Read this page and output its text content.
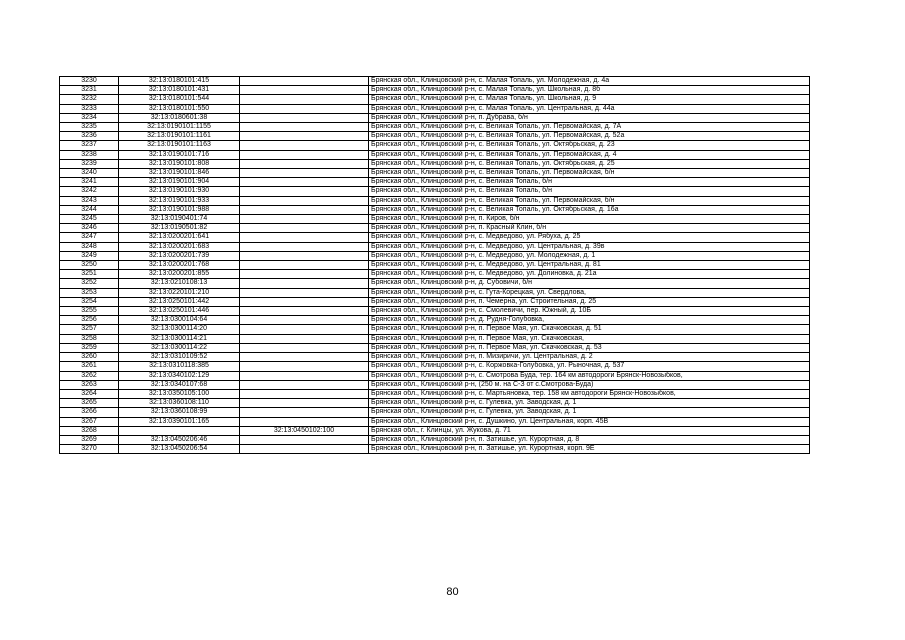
3230	32:13:0180101:415		Брянская обл., Клинцовский р-н, с. Малая Топаль, ул. Молодежная, д. 4а
3231	32:13:0180101:431		Брянская обл., Клинцовский р-н, с. Малая Топаль, ул. Школьная, д. 8б
3232	32:13:0180101:544		Брянская обл., Клинцовский р-н, с. Малая Топаль, ул. Школьная, д. 9
3233	32:13:0180101:550		Брянская обл., Клинцовский р-н, с. Малая Топаль, ул. Центральная, д. 44а
3234	32:13:0180601:38		Брянская обл., Клинцовский р-н, п. Дубрава, б/н
3235	32:13:0190101:1155		Брянская обл., Клинцовский р-н, с. Великая Топаль, ул. Первомайская, д. 7А
3236	32:13:0190101:1161		Брянская обл., Клинцовский р-н, с. Великая Топаль, ул. Первомайская, д. 52а
3237	32:13:0190101:1163		Брянская обл., Клинцовский р-н, с. Великая Топаль, ул. Октябрьская, д. 23
3238	32:13:0190101:716		Брянская обл., Клинцовский р-н, с. Великая Топаль, ул. Первомайская, д. 4
3239	32:13:0190101:808		Брянская обл., Клинцовский р-н, с. Великая Топаль, ул. Октябрьская, д. 25
3240	32:13:0190101:846		Брянская обл., Клинцовский р-н, с. Великая Топаль, ул. Первомайская, б/н
3241	32:13:0190101:904		Брянская обл., Клинцовский р-н, с. Великая Топаль, б/н
3242	32:13:0190101:930		Брянская обл., Клинцовский р-н, с. Великая Топаль, б/н
3243	32:13:0190101:933		Брянская обл., Клинцовский р-н, с. Великая Топаль, ул. Первомайская, б/н
3244	32:13:0190101:988		Брянская обл., Клинцовский р-н, с. Великая Топаль, ул. Октябрьская, д. 16а
3245	32:13:0190401:74		Брянская обл., Клинцовский р-н, п. Киров, б/н
3246	32:13:0190501:82		Брянская обл., Клинцовский р-н, п. Красный Клин, б/н
3247	32:13:0200201:641		Брянская обл., Клинцовский р-н, с. Медведово, ул. Рябуха, д. 25
3248	32:13:0200201:683		Брянская обл., Клинцовский р-н, с. Медведово, ул. Центральная, д. 39в
3249	32:13:0200201:739		Брянская обл., Клинцовский р-н, с. Медведово, ул. Молодежная, д. 1
3250	32:13:0200201:768		Брянская обл., Клинцовский р-н, с. Медведово, ул. Центральная, д. 81
3251	32:13:0200201:855		Брянская обл., Клинцовский р-н, с. Медведово, ул. Долиновка, д. 21а
3252	32:13:0210108:13		Брянская обл., Клинцовский р-н, д. Субовичи, б/н
3253	32:13:0220101:210		Брянская обл., Клинцовский р-н, с. Гута-Корецкая, ул. Свердлова,
3254	32:13:0250101:442		Брянская обл., Клинцовский р-н, п. Чемерна, ул. Строительная, д. 25
3255	32:13:0250101:446		Брянская обл., Клинцовский р-н, с. Смолевичи, пер. Южный, д. 10Б
3256	32:13:0300104:64		Брянская обл., Клинцовский р-н, д. Рудня-Голубовка,
3257	32:13:0300114:20		Брянская обл., Клинцовский р-н, п. Первое Мая, ул. Скачковская, д. 51
3258	32:13:0300114:21		Брянская обл., Клинцовский р-н, п. Первое Мая, ул. Скачковская,
3259	32:13:0300114:22		Брянская обл., Клинцовский р-н, п. Первое Мая, ул. Скачковская, д. 53
3260	32:13:0310109:52		Брянская обл., Клинцовский р-н, п. Мизиричи, ул. Центральная, д. 2
3261	32:13:0310118:385		Брянская обл., Клинцовский р-н, с. Коржовка-Голубовка, ул. Рыночная, д. 537
3262	32:13:0340102:129		Брянская обл., Клинцовский р-н, с. Смотрова Буда, тер. 164 км автодороги Брянск-Новозыбков,
3263	32:13:0340107:68		Брянская обл., Клинцовский р-н, (250 м. на С-З от с.Смотрова-Буда)
3264	32:13:0350105:100		Брянская обл., Клинцовский р-н, с. Мартьяновка, тер. 158 км автодороги Брянск-Новозыбков,
3265	32:13:0360108:110		Брянская обл., Клинцовский р-н, с. Гулевка, ул. Заводская, д. 1
3266	32:13:0360108:99		Брянская обл., Клинцовский р-н, с. Гулевка, ул. Заводская, д. 1
3267	32:13:0390101:165		Брянская обл., Клинцовский р-н, с. Душкино, ул. Центральная, корп. 45В
3268		32:13:0450102:100	Брянская обл., г. Клинцы, ул. Жукова, д. 71
3269	32:13:0450206:46		Брянская обл., Клинцовский р-н, п. Затишье, ул. Курортная, д. 8
3270	32:13:0450206:54		Брянская обл., Клинцовский р-н, п. Затишье, ул. Курортная, корп. 9Е
80
